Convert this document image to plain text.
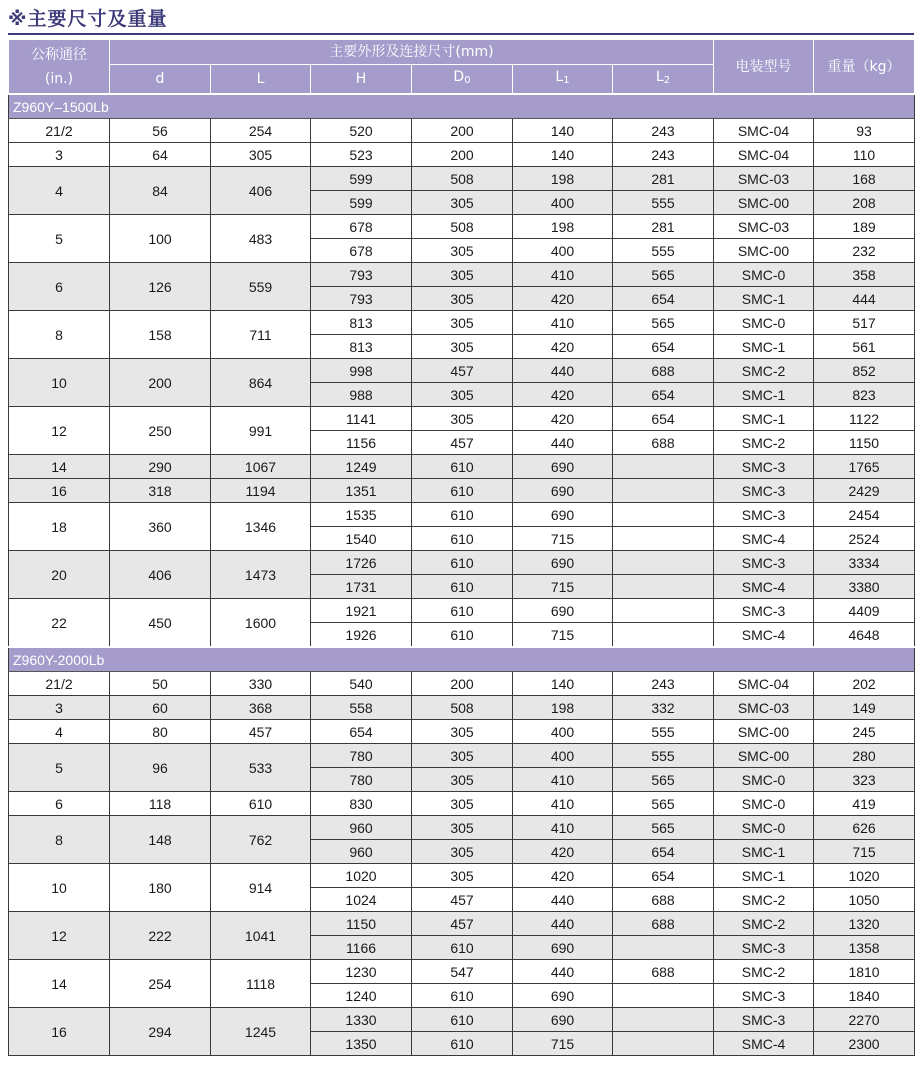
※主要尺寸及重量
公称通径
(in.)	主要外形及连接尺寸(mm)						电装型号	重量（kg）
	d	L	H	$D_0$	$L_1$	$L_2$
Z960Y–1500Lb								
21/2	56	254	520	200	140	243	SMC-04	93
3	64	305	523	200	140	243	SMC-04	110
4	84	406	599	508	198	281	SMC-03	168
			599	305	400	555	SMC-00	208
5	100	483	678	508	198	281	SMC-03	189
			678	305	400	555	SMC-00	232
6	126	559	793	305	410	565	SMC-0	358
			793	305	420	654	SMC-1	444
8	158	711	813	305	410	565	SMC-0	517
			813	305	420	654	SMC-1	561
10	200	864	998	457	440	688	SMC-2	852
			988	305	420	654	SMC-1	823
12	250	991	1141	305	420	654	SMC-1	1122
			1156	457	440	688	SMC-2	1150
14	290	1067	1249	610	690		SMC-3	1765
16	318	1194	1351	610	690		SMC-3	2429
18	360	1346	1535	610	690		SMC-3	2454
			1540	610	715		SMC-4	2524
20	406	1473	1726	610	690		SMC-3	3334
			1731	610	715		SMC-4	3380
22	450	1600	1921	610	690		SMC-3	4409
			1926	610	715		SMC-4	4648
Z960Y-2000Lb								
21/2	50	330	540	200	140	243	SMC-04	202
3	60	368	558	508	198	332	SMC-03	149
4	80	457	654	305	400	555	SMC-00	245
5	96	533	780	305	400	555	SMC-00	280
			780	305	410	565	SMC-0	323
6	118	610	830	305	410	565	SMC-0	419
8	148	762	960	305	410	565	SMC-0	626
			960	305	420	654	SMC-1	715
10	180	914	1020	305	420	654	SMC-1	1020
			1024	457	440	688	SMC-2	1050
12	222	1041	1150	457	440	688	SMC-2	1320
			1166	610	690		SMC-3	1358
14	254	1118	1230	547	440	688	SMC-2	1810
			1240	610	690		SMC-3	1840
16	294	1245	1330	610	690		SMC-3	2270
			1350	610	715		SMC-4	2300
